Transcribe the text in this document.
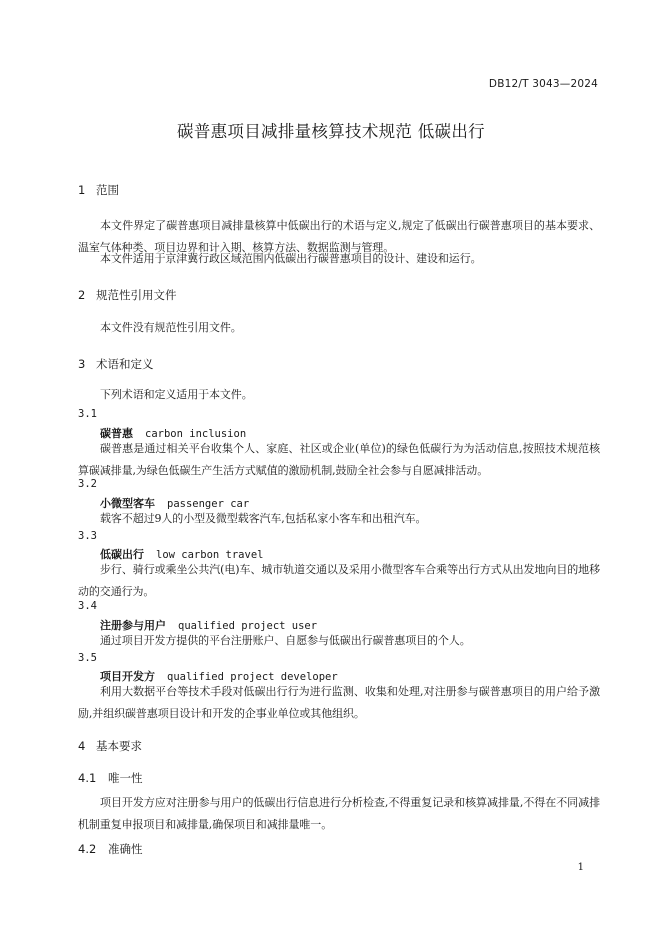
DB12/T 3043—2024
碳普惠项目减排量核算技术规范 低碳出行
1 范围
本文件界定了碳普惠项目减排量核算中低碳出行的术语与定义,规定了低碳出行碳普惠项目的基本要求、温室气体种类、项目边界和计入期、核算方法、数据监测与管理。
本文件适用于京津冀行政区域范围内低碳出行碳普惠项目的设计、建设和运行。
2 规范性引用文件
本文件没有规范性引用文件。
3 术语和定义
下列术语和定义适用于本文件。
3.1
碳普惠 carbon inclusion
碳普惠是通过相关平台收集个人、家庭、社区或企业(单位)的绿色低碳行为为活动信息,按照技术规范核算碳减排量,为绿色低碳生产生活方式赋值的激励机制,鼓励全社会参与自愿减排活动。
3.2
小微型客车 passenger car
载客不超过9人的小型及微型载客汽车,包括私家小客车和出租汽车。
3.3
低碳出行 low carbon travel
步行、骑行或乘坐公共汽(电)车、城市轨道交通以及采用小微型客车合乘等出行方式从出发地向目的地移动的交通行为。
3.4
注册参与用户 qualified project user
通过项目开发方提供的平台注册账户、自愿参与低碳出行碳普惠项目的个人。
3.5
项目开发方 qualified project developer
利用大数据平台等技术手段对低碳出行行为进行监测、收集和处理,对注册参与碳普惠项目的用户给予激励,并组织碳普惠项目设计和开发的企事业单位或其他组织。
4 基本要求
4.1 唯一性
项目开发方应对注册参与用户的低碳出行信息进行分析检查,不得重复记录和核算减排量,不得在不同减排机制重复申报项目和减排量,确保项目和减排量唯一。
4.2 准确性
1
